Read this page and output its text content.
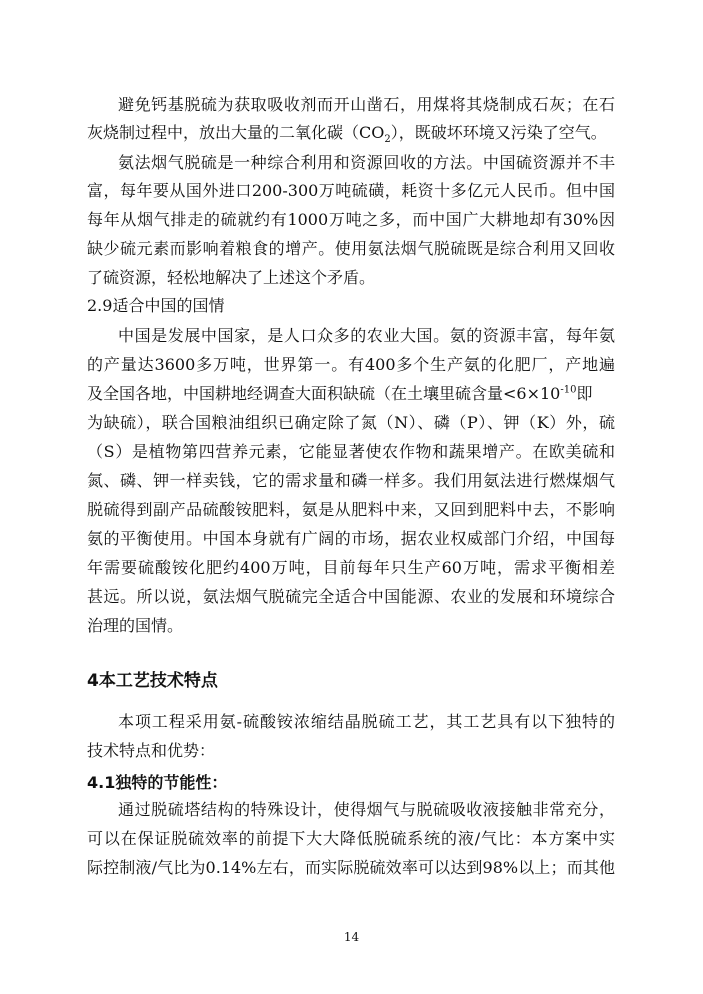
避免钙基脱硫为获取吸收剂而开山凿石，用煤将其烧制成石灰；在石
灰烧制过程中，放出大量的二氧化碳$(CO_2)$，既破坏环境又污染了空气。
氨法烟气脱硫是一种综合利用和资源回收的方法。中国硫资源并不丰
富，每年要从国外进口200-300万吨硫磺，耗资十多亿元人民币。但中国
每年从烟气排走的硫就约有1000万吨之多，而中国广大耕地却有30%因
缺少硫元素而影响着粮食的增产。使用氨法烟气脱硫既是综合利用又回收
了硫资源，轻松地解决了上述这个矛盾。
2.9适合中国的国情
中国是发展中国家，是人口众多的农业大国。氨的资源丰富，每年氨
的产量达3600多万吨，世界第一。有400多个生产氨的化肥厂，产地遍
及全国各地，中国耕地经调查大面积缺硫（在土壤里硫含量$<6\times 10^{-10}$即
为缺硫），联合国粮油组织已确定除了氮（N）、磷（P）、钾（K）外，硫
（S）是植物第四营养元素，它能显著使农作物和蔬果增产。在欧美硫和
氮、磷、钾一样卖钱，它的需求量和磷一样多。我们用氨法进行燃煤烟气
脱硫得到副产品硫酸铵肥料，氨是从肥料中来，又回到肥料中去，不影响
氨的平衡使用。中国本身就有广阔的市场，据农业权威部门介绍，中国每
年需要硫酸铵化肥约400万吨，目前每年只生产60万吨，需求平衡相差
甚远。所以说，氨法烟气脱硫完全适合中国能源、农业的发展和环境综合
治理的国情。
4本工艺技术特点
本项工程采用氨-硫酸铵浓缩结晶脱硫工艺，其工艺具有以下独特的
技术特点和优势：
4.1独特的节能性：
通过脱硫塔结构的特殊设计，使得烟气与脱硫吸收液接触非常充分，
可以在保证脱硫效率的前提下大大降低脱硫系统的液/气比：本方案中实
际控制液/气比为0.14%左右，而实际脱硫效率可以达到98%以上；而其他
14
